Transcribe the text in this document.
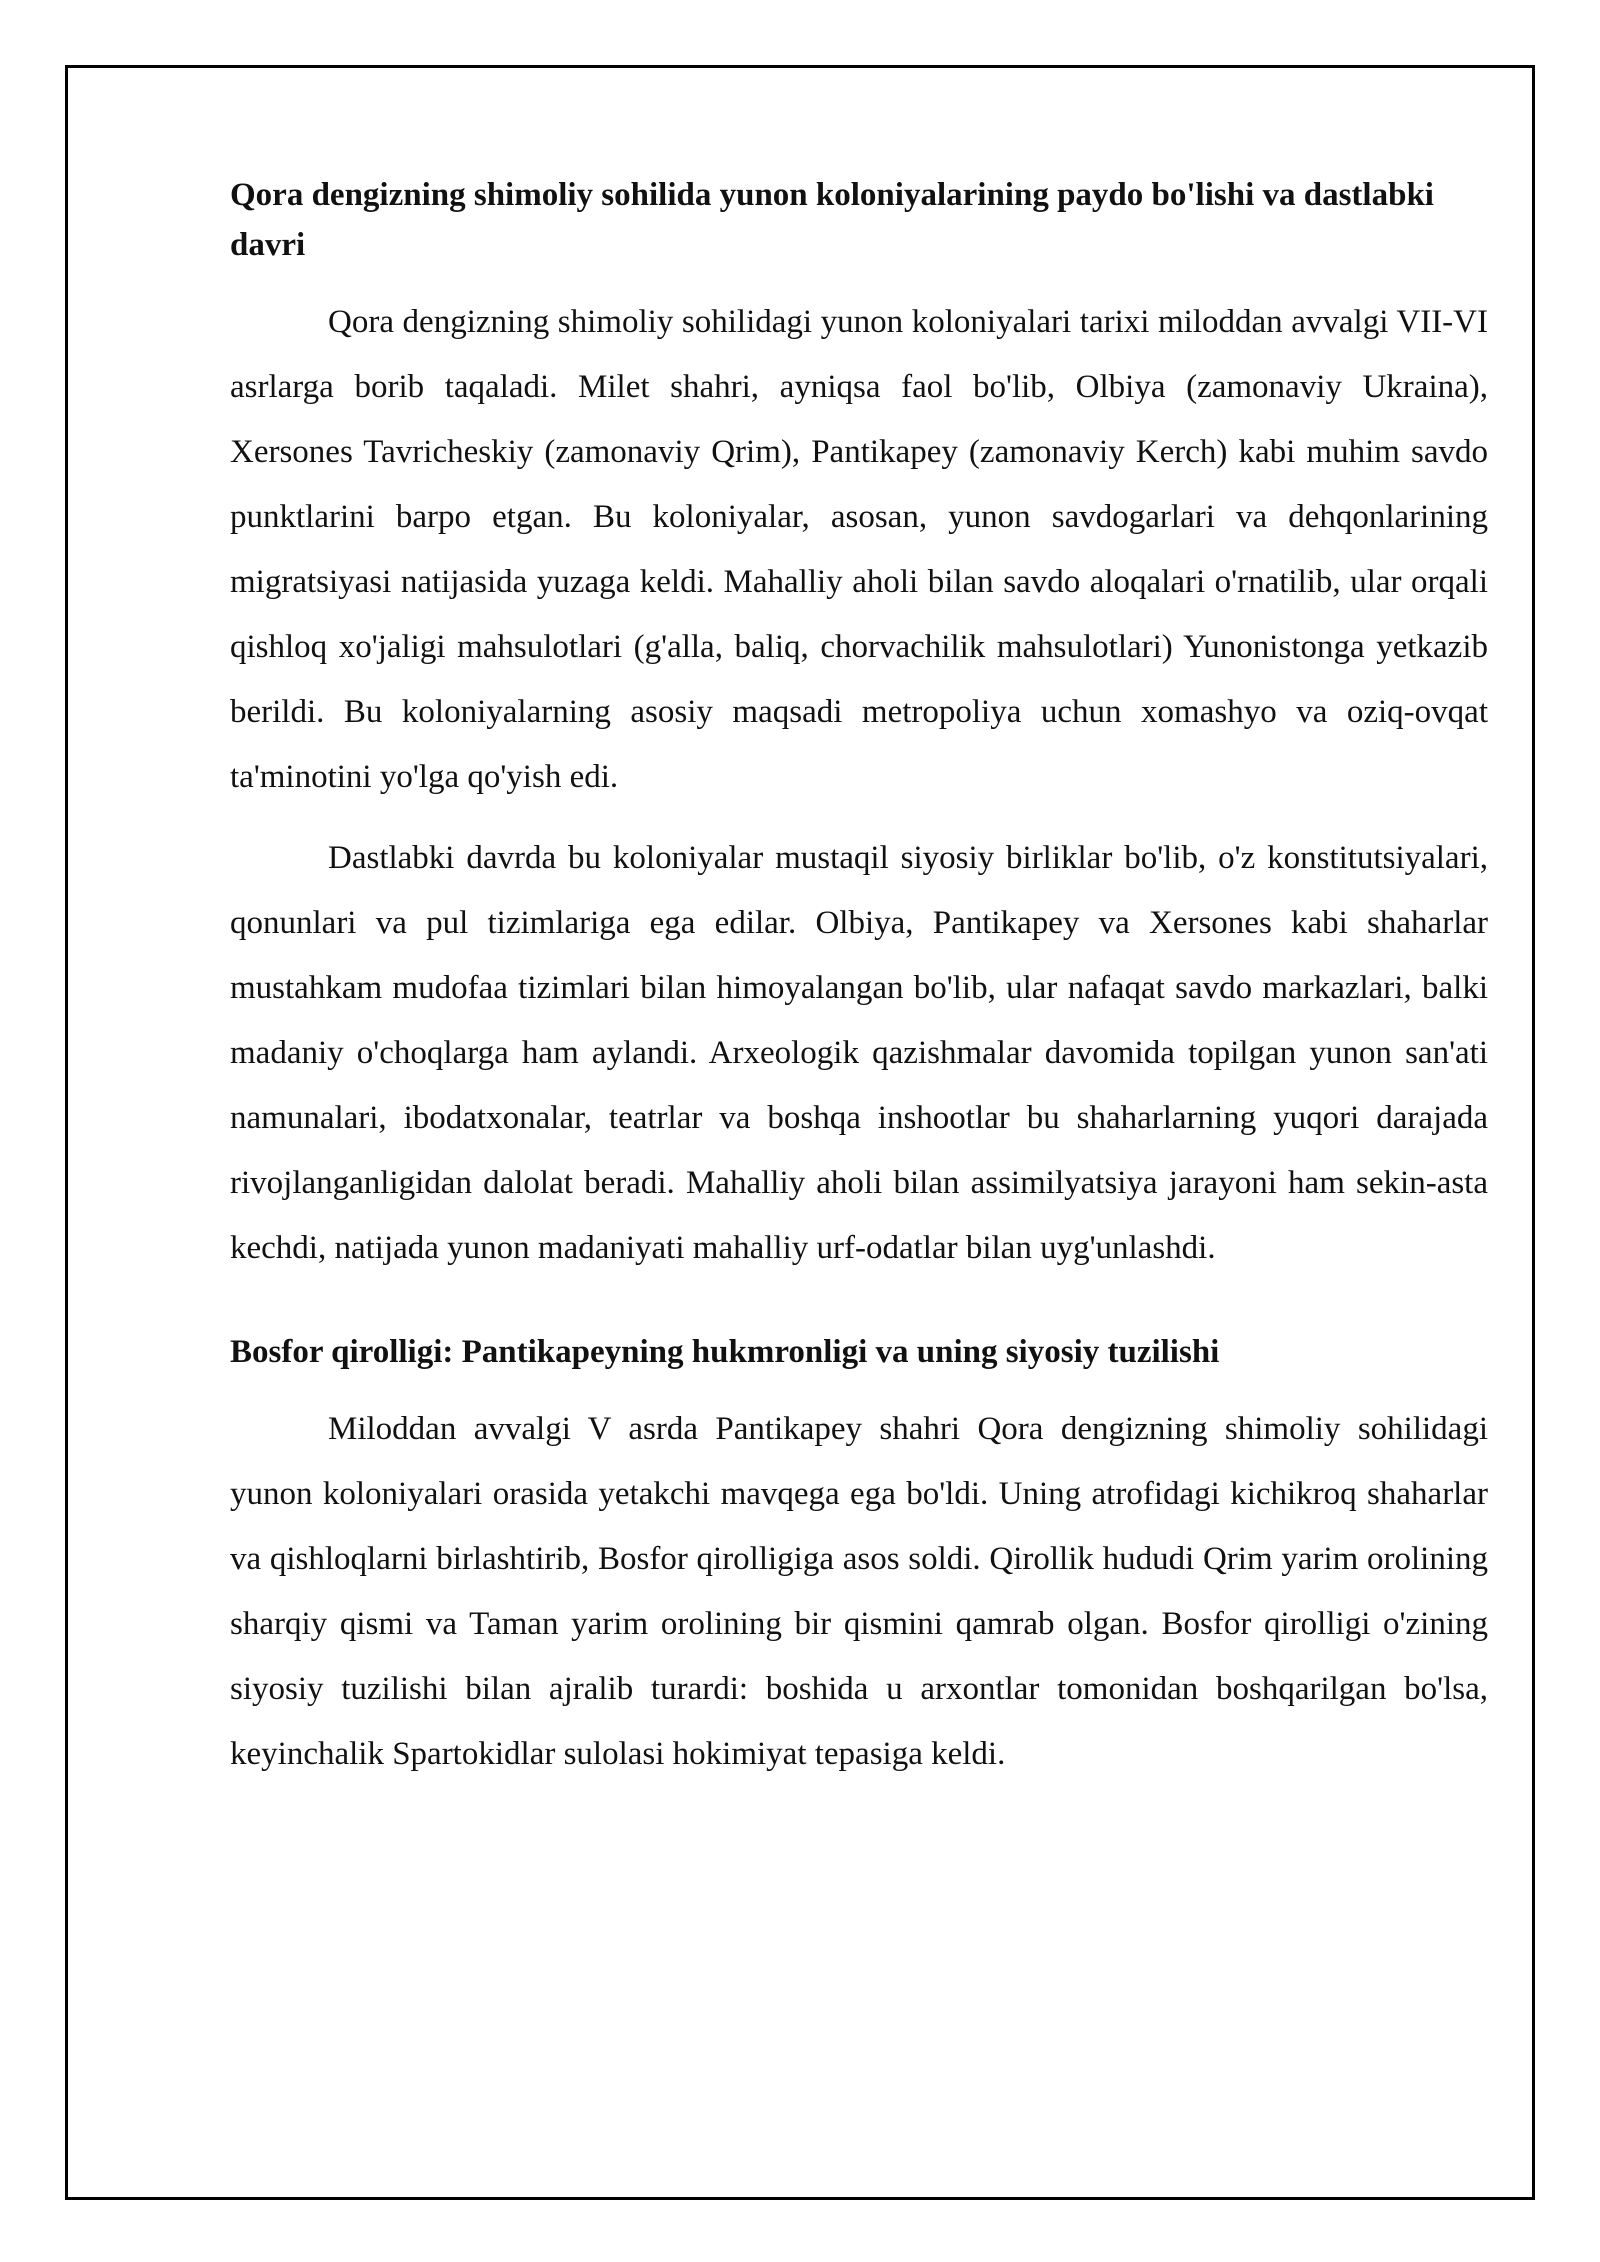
Qora dengizning shimoliy sohilida yunon koloniyalarining paydo bo'lishi va dastlabki davri

Qora dengizning shimoliy sohilidagi yunon koloniyalari tarixi miloddan avvalgi VII-VI asrlarga borib taqaladi. Milet shahri, ayniqsa faol bo'lib, Olbiya (zamonaviy Ukraina), Xersones Tavricheskiy (zamonaviy Qrim), Pantikapey (zamonaviy Kerch) kabi muhim savdo punktlarini barpo etgan. Bu koloniyalar, asosan, yunon savdogarlari va dehqonlarining migratsiyasi natijasida yuzaga keldi. Mahalliy aholi bilan savdo aloqalari o'rnatilib, ular orqali qishloq xo'jaligi mahsulotlari (g'alla, baliq, chorvachilik mahsulotlari) Yunonistonga yetkazib berildi. Bu koloniyalarning asosiy maqsadi metropoliya uchun xomashyo va oziq-ovqat ta'minotini yo'lga qo'yish edi.

Dastlabki davrda bu koloniyalar mustaqil siyosiy birliklar bo'lib, o'z konstitutsiyalari, qonunlari va pul tizimlariga ega edilar. Olbiya, Pantikapey va Xersones kabi shaharlar mustahkam mudofaa tizimlari bilan himoyalangan bo'lib, ular nafaqat savdo markazlari, balki madaniy o'choqlarga ham aylandi. Arxeologik qazishmalar davomida topilgan yunon san'ati namunalari, ibodatxonalar, teatrlar va boshqa inshootlar bu shaharlarning yuqori darajada rivojlanganligidan dalolat beradi. Mahalliy aholi bilan assimilyatsiya jarayoni ham sekin-asta kechdi, natijada yunon madaniyati mahalliy urf-odatlar bilan uyg'unlashdi.

Bosfor qirolligi: Pantikapeyning hukmronligi va uning siyosiy tuzilishi

Miloddan avvalgi V asrda Pantikapey shahri Qora dengizning shimoliy sohilidagi yunon koloniyalari orasida yetakchi mavqega ega bo'ldi. Uning atrofidagi kichikroq shaharlar va qishloqlarni birlashtirib, Bosfor qirolligiga asos soldi. Qirollik hududi Qrim yarim orolining sharqiy qismi va Taman yarim orolining bir qismini qamrab olgan. Bosfor qirolligi o'zining siyosiy tuzilishi bilan ajralib turardi: boshida u arxontlar tomonidan boshqarilgan bo'lsa, keyinchalik Spartokidlar sulolasi hokimiyat tepasiga keldi.
